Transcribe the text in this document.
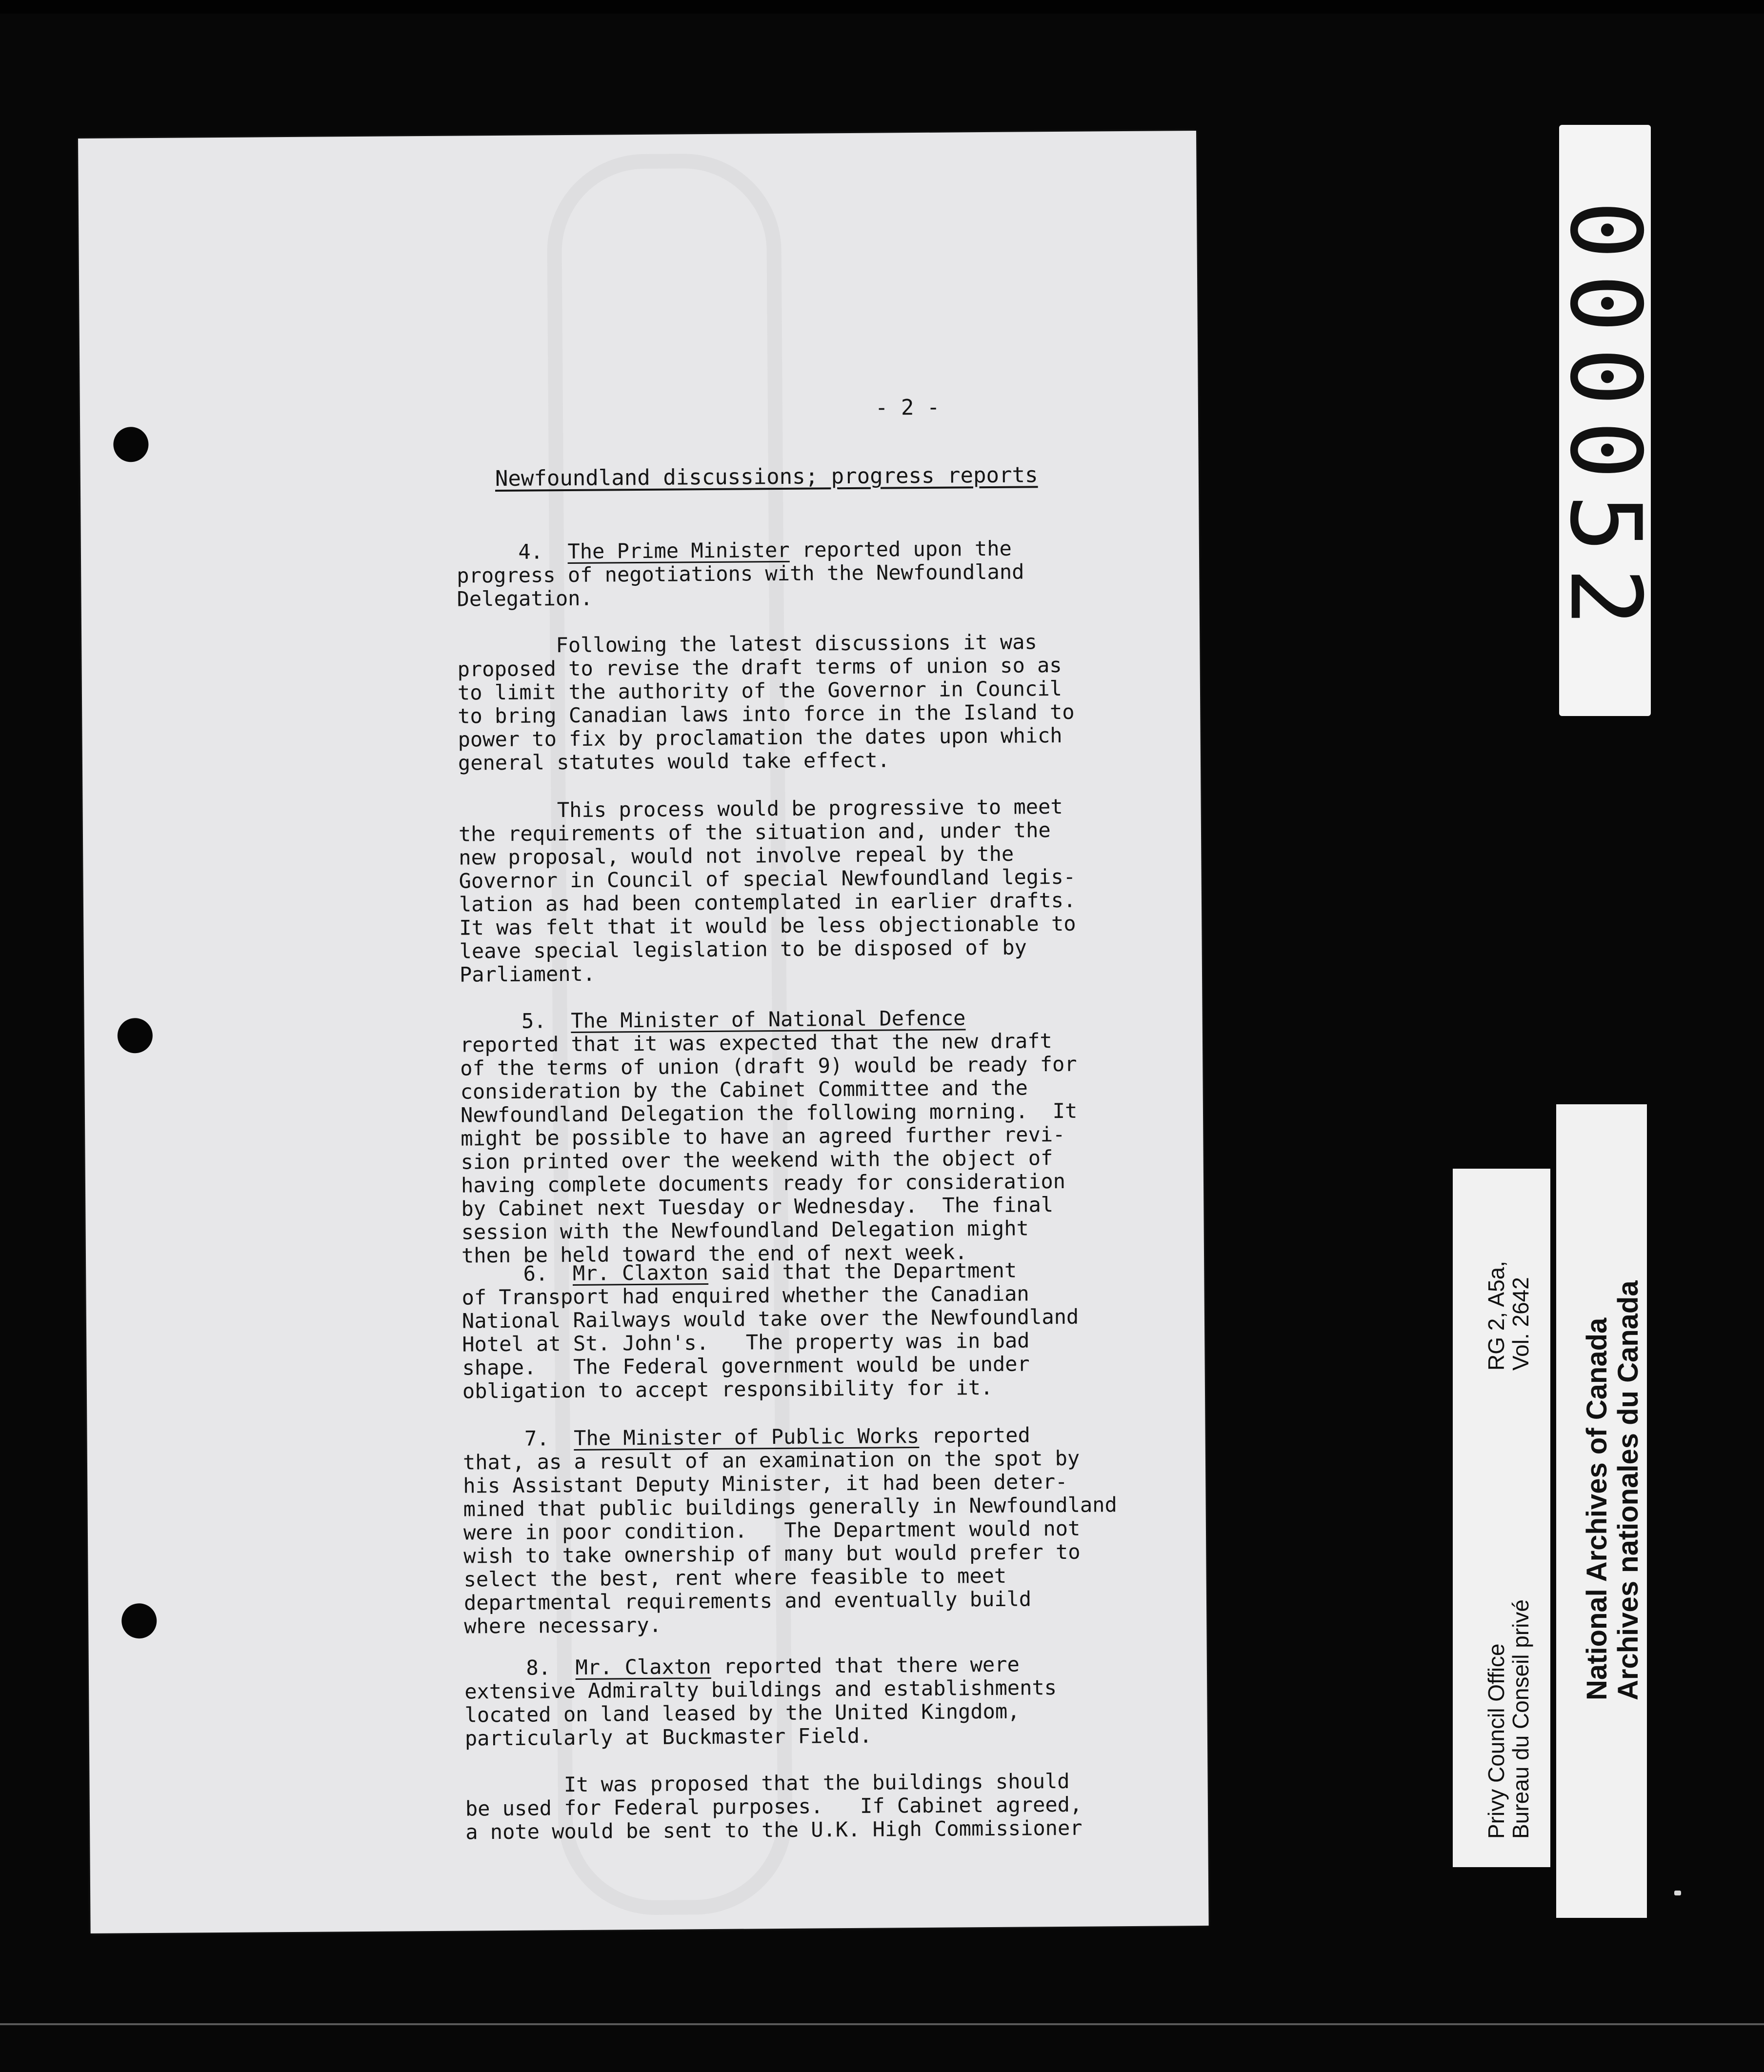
- 2 -
Newfoundland discussions; progress reports
4.  The Prime Minister reported upon the
progress of negotiations with the Newfoundland
Delegation.
Following the latest discussions it was
proposed to revise the draft terms of union so as
to limit the authority of the Governor in Council
to bring Canadian laws into force in the Island to
power to fix by proclamation the dates upon which
general statutes would take effect.
This process would be progressive to meet
the requirements of the situation and, under the
new proposal, would not involve repeal by the
Governor in Council of special Newfoundland legis-
lation as had been contemplated in earlier drafts.
It was felt that it would be less objectionable to
leave special legislation to be disposed of by
Parliament.
5.  The Minister of National Defence
reported that it was expected that the new draft
of the terms of union (draft 9) would be ready for
consideration by the Cabinet Committee and the
Newfoundland Delegation the following morning.  It
might be possible to have an agreed further revi-
sion printed over the weekend with the object of
having complete documents ready for consideration
by Cabinet next Tuesday or Wednesday.  The final
session with the Newfoundland Delegation might
then be held toward the end of next week.
6.  Mr. Claxton said that the Department
of Transport had enquired whether the Canadian
National Railways would take over the Newfoundland
Hotel at St. John's.   The property was in bad
shape.   The Federal government would be under
obligation to accept responsibility for it.
7.  The Minister of Public Works reported
that, as a result of an examination on the spot by
his Assistant Deputy Minister, it had been deter-
mined that public buildings generally in Newfoundland
were in poor condition.   The Department would not
wish to take ownership of many but would prefer to
select the best, rent where feasible to meet
departmental requirements and eventually build
where necessary.
8.  Mr. Claxton reported that there were
extensive Admiralty buildings and establishments
located on land leased by the United Kingdom,
particularly at Buckmaster Field.
It was proposed that the buildings should
be used for Federal purposes.   If Cabinet agreed,
a note would be sent to the U.K. High Commissioner
000052
Privy Council Office
Bureau du Conseil privé
RG 2, A5a,
Vol. 2642 National Archives of Canada Archives nationales du Canada
